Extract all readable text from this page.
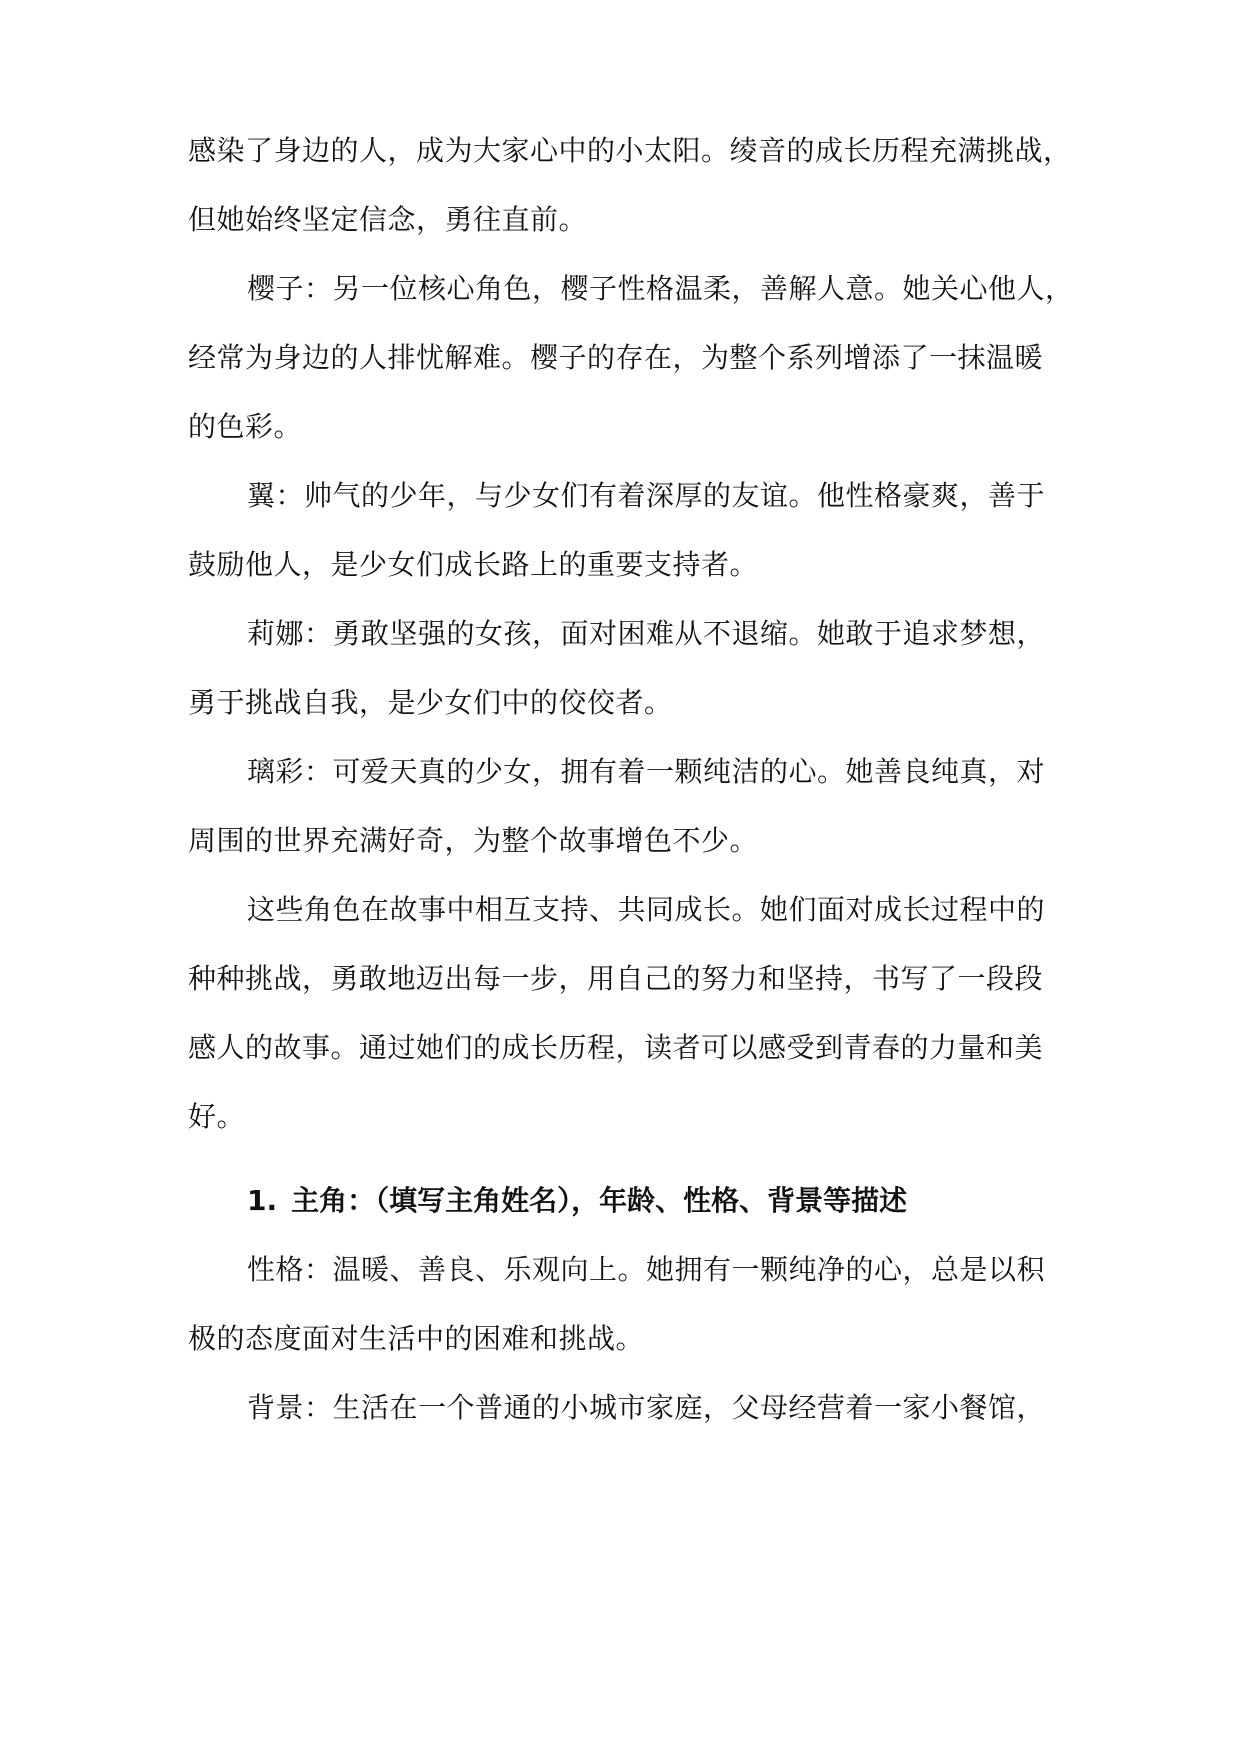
感染了身边的人，成为大家心中的小太阳。绫音的成长历程充满挑战，
但她始终坚定信念，勇往直前。
樱子：另一位核心角色，樱子性格温柔，善解人意。她关心他人，
经常为身边的人排忧解难。樱子的存在，为整个系列增添了一抹温暖
的色彩。
翼：帅气的少年，与少女们有着深厚的友谊。他性格豪爽，善于
鼓励他人，是少女们成长路上的重要支持者。
莉娜：勇敢坚强的女孩，面对困难从不退缩。她敢于追求梦想，
勇于挑战自我，是少女们中的佼佼者。
璃彩：可爱天真的少女，拥有着一颗纯洁的心。她善良纯真，对
周围的世界充满好奇，为整个故事增色不少。
这些角色在故事中相互支持、共同成长。她们面对成长过程中的
种种挑战，勇敢地迈出每一步，用自己的努力和坚持，书写了一段段
感人的故事。通过她们的成长历程，读者可以感受到青春的力量和美
好。
1. 主角：（填写主角姓名），年龄、性格、背景等描述
性格：温暖、善良、乐观向上。她拥有一颗纯净的心，总是以积
极的态度面对生活中的困难和挑战。
背景：生活在一个普通的小城市家庭，父母经营着一家小餐馆，
